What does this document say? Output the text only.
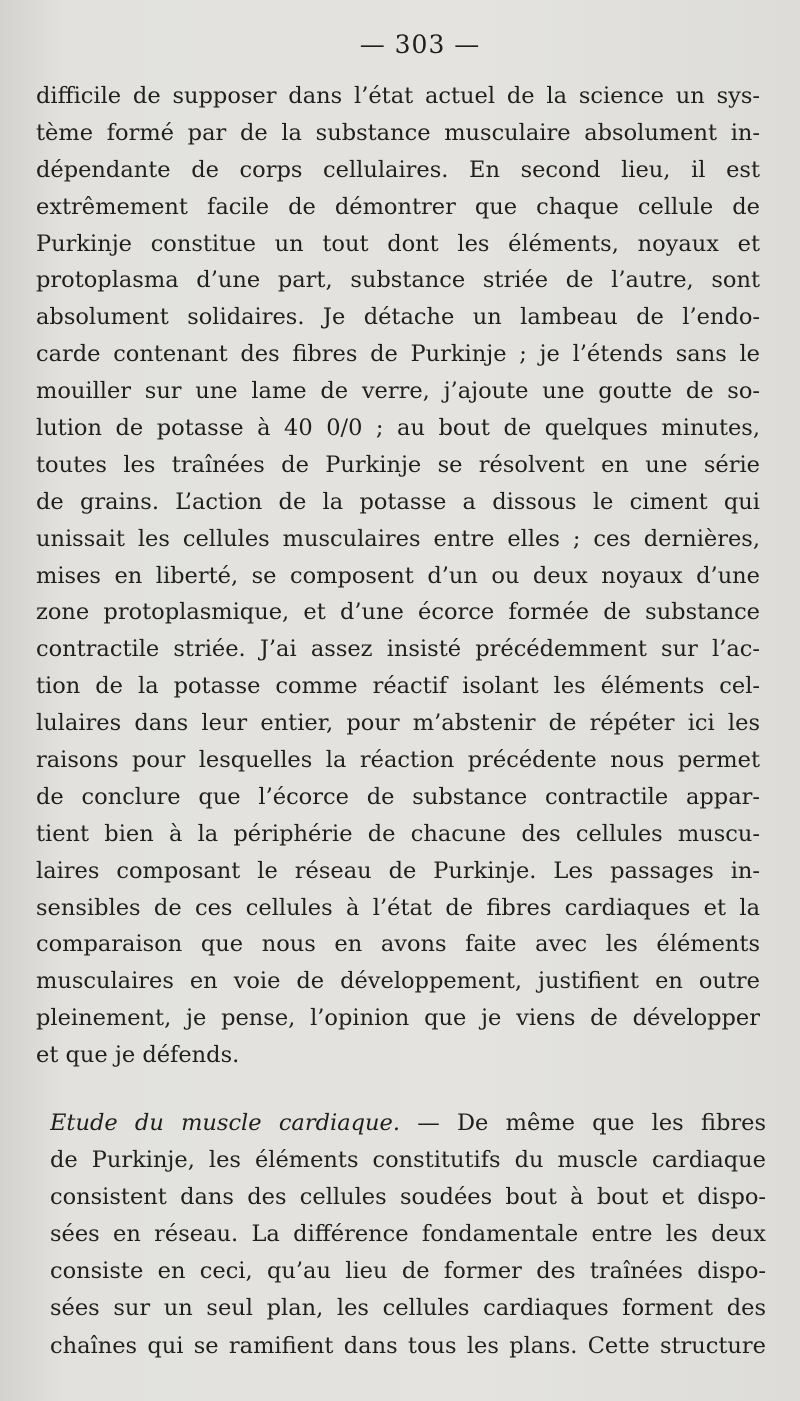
— 303 —
difficile de supposer dans l’état actuel de la science un sys-
tème formé par de la substance musculaire absolument in-
dépendante de corps cellulaires. En second lieu, il est
extrêmement facile de démontrer que chaque cellule de
Purkinje constitue un tout dont les éléments, noyaux et
protoplasma d’une part, substance striée de l’autre, sont
absolument solidaires. Je détache un lambeau de l’endo-
carde contenant des fibres de Purkinje ; je l’étends sans le
mouiller sur une lame de verre, j’ajoute une goutte de so-
lution de potasse à 40 0/0 ; au bout de quelques minutes,
toutes les traînées de Purkinje se résolvent en une série
de grains. L’action de la potasse a dissous le ciment qui
unissait les cellules musculaires entre elles ; ces dernières,
mises en liberté, se composent d’un ou deux noyaux d’une
zone protoplasmique, et d’une écorce formée de substance
contractile striée. J’ai assez insisté précédemment sur l’ac-
tion de la potasse comme réactif isolant les éléments cel-
lulaires dans leur entier, pour m’abstenir de répéter ici les
raisons pour lesquelles la réaction précédente nous permet
de conclure que l’écorce de substance contractile appar-
tient bien à la périphérie de chacune des cellules muscu-
laires composant le réseau de Purkinje. Les passages in-
sensibles de ces cellules à l’état de fibres cardiaques et la
comparaison que nous en avons faite avec les éléments
musculaires en voie de développement, justifient en outre
pleinement, je pense, l’opinion que je viens de développer
et que je défends.
Etude du muscle cardiaque. — De même que les fibres
de Purkinje, les éléments constitutifs du muscle cardiaque
consistent dans des cellules soudées bout à bout et dispo-
sées en réseau. La différence fondamentale entre les deux
consiste en ceci, qu’au lieu de former des traînées dispo-
sées sur un seul plan, les cellules cardiaques forment des
chaînes qui se ramifient dans tous les plans. Cette structure
